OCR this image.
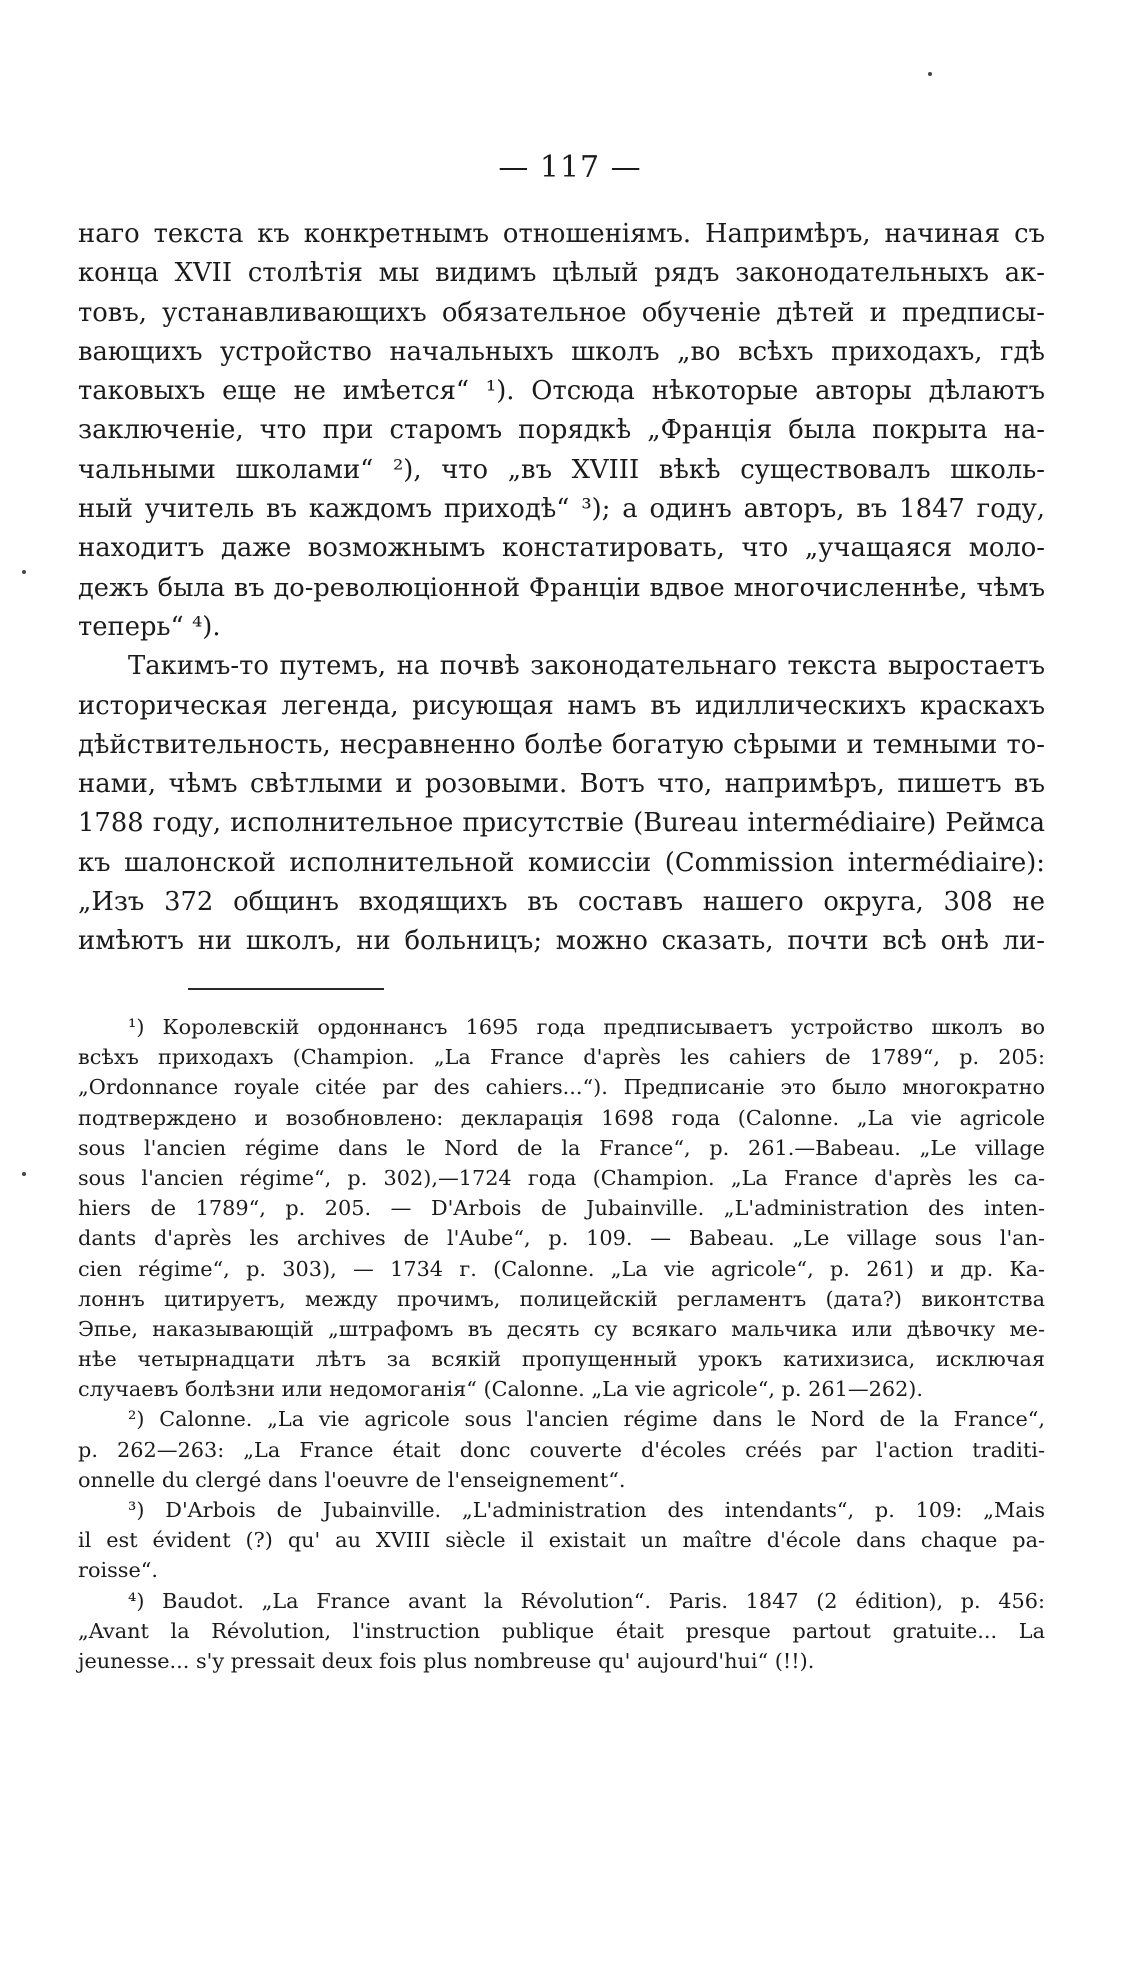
— 117 —
наго текста къ конкретнымъ отношеніямъ. Напримѣръ, начиная съ
конца XVII столѣтія мы видимъ цѣлый рядъ законодательныхъ ак-
товъ, устанавливающихъ обязательное обученіе дѣтей и предписы-
вающихъ устройство начальныхъ школъ „во всѣхъ приходахъ, гдѣ
таковыхъ еще не имѣется“ ¹). Отсюда нѣкоторые авторы дѣлаютъ
заключеніе, что при старомъ порядкѣ „Франція была покрыта на-
чальными школами“ ²), что „въ XVIII вѣкѣ существовалъ школь-
ный учитель въ каждомъ приходѣ“ ³); а одинъ авторъ, въ 1847 году,
находитъ даже возможнымъ констатировать, что „учащаяся моло-
дежъ была въ до-революціонной Франціи вдвое многочисленнѣе, чѣмъ
теперь“ ⁴).
Такимъ-то путемъ, на почвѣ законодательнаго текста выростаетъ
историческая легенда, рисующая намъ въ идиллическихъ краскахъ
дѣйствительность, несравненно болѣе богатую сѣрыми и темными то-
нами, чѣмъ свѣтлыми и розовыми. Вотъ что, напримѣръ, пишетъ въ
1788 году, исполнительное присутствіе (Bureau intermédiaire) Реймса
къ шалонской исполнительной комиссіи (Commission intermédiaire):
„Изъ 372 общинъ входящихъ въ составъ нашего округа, 308 не
имѣютъ ни школъ, ни больницъ; можно сказать, почти всѣ онѣ ли-
¹) Королевскій ордоннансъ 1695 года предписываетъ устройство школъ во
всѣхъ приходахъ (Champion. „La France d'après les cahiers de 1789“, p. 205:
„Ordonnance royale citée par des cahiers...“). Предписаніе это было многократно
подтверждено и возобновлено: декларація 1698 года (Calonne. „La vie agricole
sous l'ancien régime dans le Nord de la France“, p. 261.—Babeau. „Le village
sous l'ancien régime“, p. 302),—1724 года (Champion. „La France d'après les ca-
hiers de 1789“, p. 205. — D'Arbois de Jubainville. „L'administration des inten-
dants d'après les archives de l'Aube“, p. 109. — Babeau. „Le village sous l'an-
cien régime“, p. 303), — 1734 г. (Calonne. „La vie agricole“, p. 261) и др. Ка-
лоннъ цитируетъ, между прочимъ, полицейскій регламентъ (дата?) виконтства
Эпье, наказывающій „штрафомъ въ десять су всякаго мальчика или дѣвочку ме-
нѣе четырнадцати лѣтъ за всякій пропущенный урокъ катихизиса, исключая
случаевъ болѣзни или недомоганія“ (Calonne. „La vie agricole“, p. 261—262).
²) Calonne. „La vie agricole sous l'ancien régime dans le Nord de la France“,
p. 262—263: „La France était donc couverte d'écoles créés par l'action traditi-
onnelle du clergé dans l'oeuvre de l'enseignement“.
³) D'Arbois de Jubainville. „L'administration des intendants“, p. 109: „Mais
il est évident (?) qu' au XVIII siècle il existait un maître d'école dans chaque pa-
roisse“.
⁴) Baudot. „La France avant la Révolution“. Paris. 1847 (2 édition), p. 456:
„Avant la Révolution, l'instruction publique était presque partout gratuite... La
jeunesse... s'y pressait deux fois plus nombreuse qu' aujourd'hui“ (!!).
